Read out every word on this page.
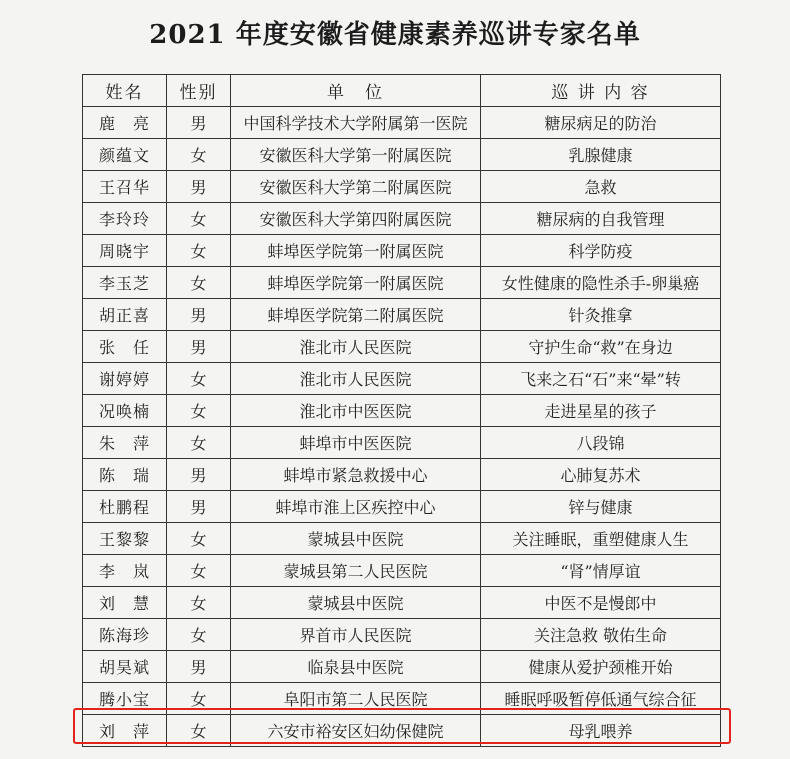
2021 年度安徽省健康素养巡讲专家名单
姓名	性别	单　位	巡 讲 内 容
鹿　亮	男	中国科学技术大学附属第一医院	糖尿病足的防治
颜蕴文	女	安徽医科大学第一附属医院	乳腺健康
王召华	男	安徽医科大学第二附属医院	急救
李玲玲	女	安徽医科大学第四附属医院	糖尿病的自我管理
周晓宇	女	蚌埠医学院第一附属医院	科学防疫
李玉芝	女	蚌埠医学院第一附属医院	女性健康的隐性杀手-卵巢癌
胡正喜	男	蚌埠医学院第二附属医院	针灸推拿
张　任	男	淮北市人民医院	守护生命“救”在身边
谢婷婷	女	淮北市人民医院	飞来之石“石”来“晕”转
况唤楠	女	淮北市中医医院	走进星星的孩子
朱　萍	女	蚌埠市中医医院	八段锦
陈　瑞	男	蚌埠市紧急救援中心	心肺复苏术
杜鹏程	男	蚌埠市淮上区疾控中心	锌与健康
王黎黎	女	蒙城县中医院	关注睡眠，重塑健康人生
李　岚	女	蒙城县第二人民医院	“肾”情厚谊
刘　慧	女	蒙城县中医院	中医不是慢郎中
陈海珍	女	界首市人民医院	关注急救 敬佑生命
胡昊斌	男	临泉县中医院	健康从爱护颈椎开始
腾小宝	女	阜阳市第二人民医院	睡眠呼吸暂停低通气综合征
刘　萍	女	六安市裕安区妇幼保健院	母乳喂养
